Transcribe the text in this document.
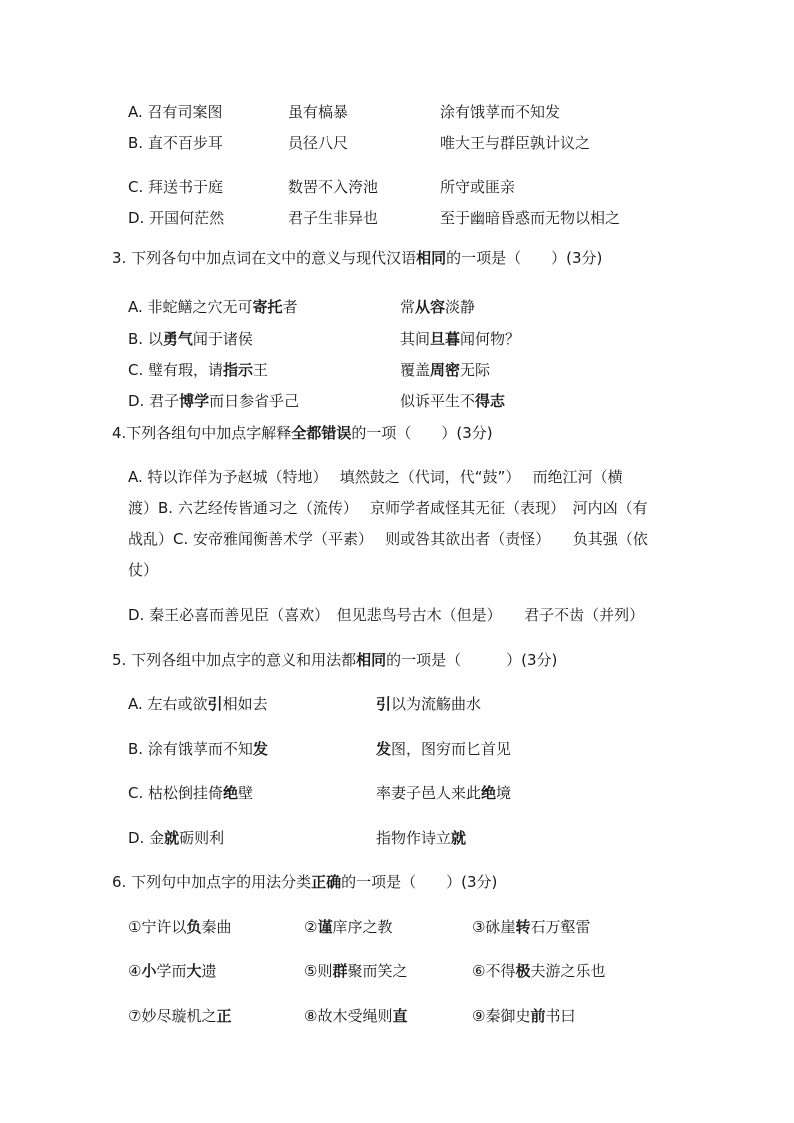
A. 召有司案图	虽有槁暴	涂有饿莩而不知发
B. 直不百步耳	员径八尺	唯大王与群臣孰计议之
C. 拜送书于庭	数罟不入洿池	所守或匪亲
D. 开国何茫然	君子生非异也	至于幽暗昏惑而无物以相之
3. 下列各句中加点词在文中的意义与现代汉语相同的一项是（　　）(3分)
A. 非蛇鳝之穴无可寄托者	常从容淡静
B. 以勇气闻于诸侯	其间旦暮闻何物？
C. 璧有瑕，请指示王	覆盖周密无际
D. 君子博学而日参省乎己	似诉平生不得志
4.下列各组句中加点字解释全都错误的一项（　　）(3分)
A. 特以诈佯为予赵城（特地）　 填然鼓之（代词，代“鼓”）　 而绝江河（横
渡）B. 六艺经传皆通习之（流传）　 京师学者咸怪其无征（表现）　河内凶（有
战乱）C. 安帝雅闻衡善术学（平素）　 则或咎其欲出者（责怪）　　负其强（依
仗）
D. 秦王必喜而善见臣（喜欢）　但见悲鸟号古木（但是）　　君子不齿（并列）
5. 下列各组中加点字的意义和用法都相同的一项是（　　　）(3分)
A. 左右或欲引相如去	引以为流觞曲水
B. 涂有饿莩而不知发	发图，图穷而匕首见
C. 枯松倒挂倚绝壁	率妻子邑人来此绝境
D. 金就砺则利	指物作诗立就
6. 下列句中加点字的用法分类正确的一项是（　　）(3分)
①宁许以负秦曲	②谨庠序之教	③砯崖转石万壑雷
④小学而大遗	⑤则群聚而笑之	⑥不得极夫游之乐也
⑦妙尽璇机之正	⑧故木受绳则直	⑨秦御史前书曰
